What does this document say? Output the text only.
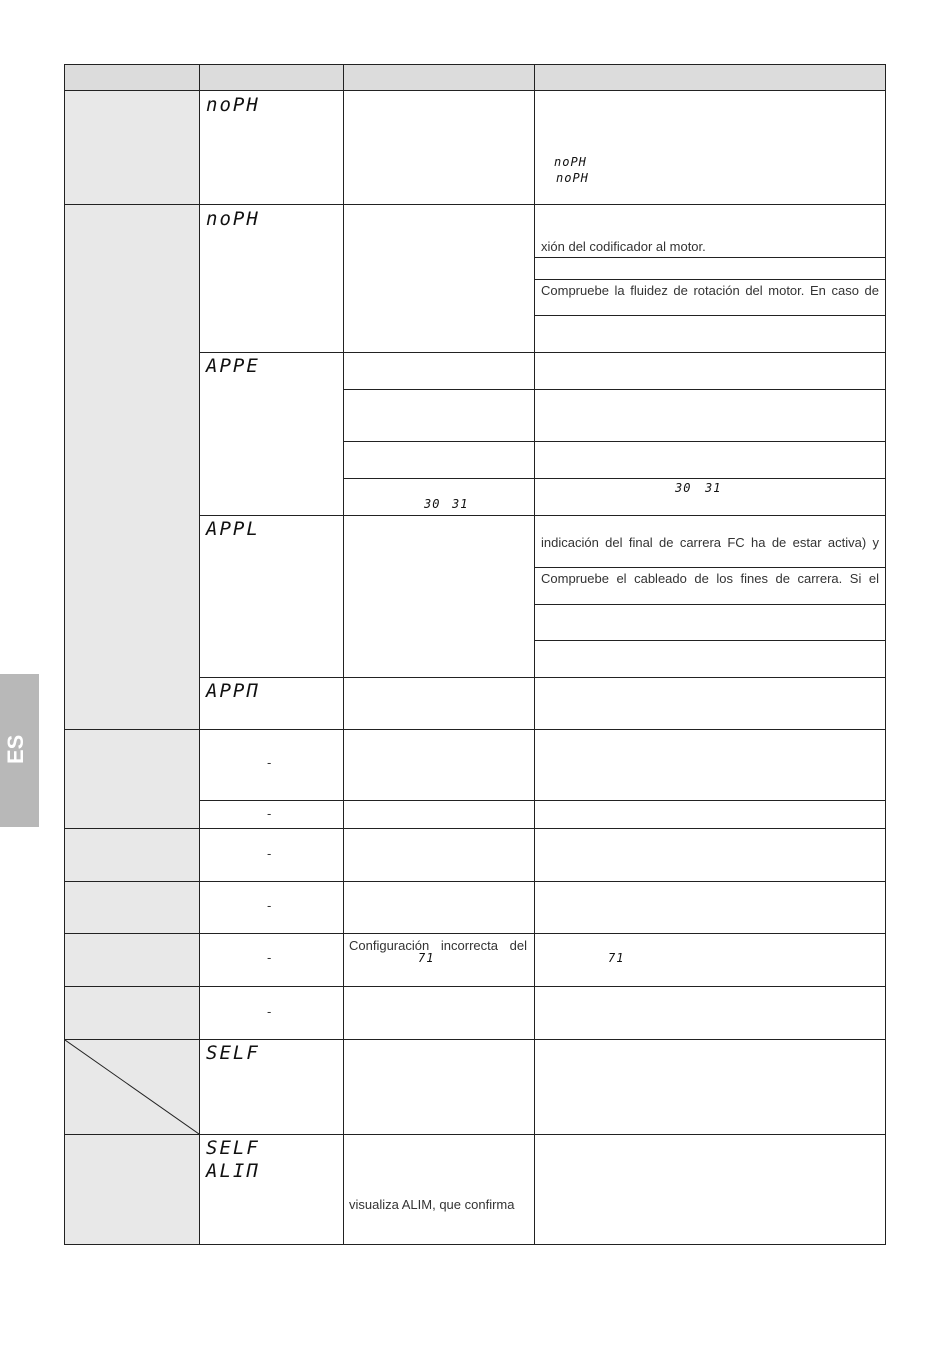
noPH
noPH
APPE
APPL
APPΠ
SELF
SELF
ALIΠ
noPH
noPH
30 31
30 31
71	71
-
-
-
-
-
-
xión del codificador al motor.
Compruebe la fluidez de rotación del motor. En caso de
indicación del final de carrera FC ha de estar activa) y
Compruebe el cableado de los fines de carrera. Si el
Configuración incorrecta del
visualiza ALIM, que confirma
ES
